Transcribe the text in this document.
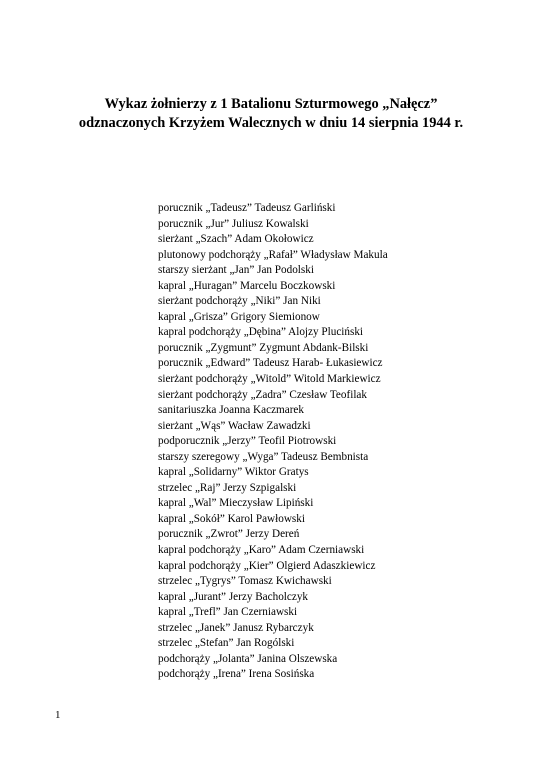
Wykaz żołnierzy z 1 Batalionu Szturmowego „Nałęcz”
odznaczonych Krzyżem Walecznych w dniu 14 sierpnia 1944 r.
porucznik „Tadeusz” Tadeusz Garliński
porucznik „Jur” Juliusz Kowalski
sierżant „Szach” Adam Okołowicz
plutonowy podchorąży „Rafał” Władysław Makula
starszy sierżant „Jan” Jan Podolski
kapral „Huragan” Marcelu Boczkowski
sierżant podchorąży „Niki” Jan Niki
kapral „Grisza” Grigory Siemionow
kapral podchorąży „Dębina” Alojzy Pluciński
porucznik „Zygmunt” Zygmunt Abdank-Bilski
porucznik „Edward” Tadeusz Harab- Łukasiewicz
sierżant podchorąży „Witold” Witold Markiewicz
sierżant podchorąży „Zadra” Czesław Teofilak
sanitariuszka Joanna Kaczmarek
sierżant „Wąs” Wacław Zawadzki
podporucznik „Jerzy” Teofil Piotrowski
starszy szeregowy „Wyga” Tadeusz Bembnista
kapral „Solidarny” Wiktor Gratys
strzelec „Raj” Jerzy Szpigalski
kapral „Wal” Mieczysław Lipiński
kapral „Sokół” Karol Pawłowski
porucznik „Zwrot” Jerzy Dereń
kapral podchorąży „Karo” Adam Czerniawski
kapral podchorąży „Kier” Olgierd Adaszkiewicz
strzelec „Tygrys” Tomasz Kwichawski
kapral „Jurant” Jerzy Bacholczyk
kapral „Trefl” Jan Czerniawski
strzelec „Janek” Janusz Rybarczyk
strzelec „Stefan” Jan Rogólski
podchorąży „Jolanta” Janina Olszewska
podchorąży „Irena” Irena Sosińska
1
